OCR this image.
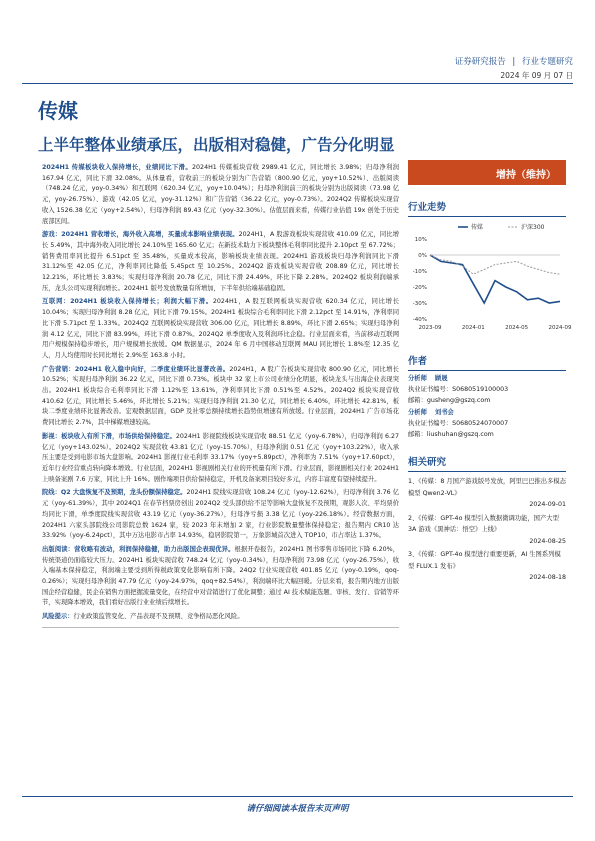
证券研究报告 | 行业专题研究
2024 年 09 月 07 日
传媒
上半年整体业绩承压，出版相对稳健，广告分化明显

2024H1 传媒板块收入保持增长，业绩同比下滑。2024H1 传媒板块营收 2989.41 亿元，同比增长 3.98%；归母净利润 167.94 亿元，同比下滑 32.08%。从体量看，营收前三的板块分别为广告营销（800.90 亿元，yoy+10.52%）、出版阅读（748.24 亿元，yoy-0.34%）和互联网（620.34 亿元，yoy+10.04%）；归母净利润前三的板块分别为出版阅读（73.98 亿元，yoy-26.75%）、游戏（42.05 亿元，yoy-31.12%）和广告营销（36.22 亿元，yoy-0.73%）。2024Q2 传媒板块实现营收入 1526.38 亿元（yoy+2.54%），归母净利润 89.43 亿元（yoy-32.30%）。估值层面来看，传媒行业估值 19x 创处于历史底部区间。

游戏：2024H1 营收增长，海外收入高增，买量成本影响业绩表现。2024H1，A 股游戏板块实现营收 410.09 亿元，同比增长 5.49%，其中海外收入同比增长 24.10%至 165.60 亿元；在新技术助力下板块整体毛利率同比提升 2.10pct 至 67.72%；销售费用率同比提升 6.51pct 至 35.48%，买量成本较高，影响板块业绩表现。2024H1 游戏板块归母净利润同比下滑 31.12%至 42.05 亿元，净利率同比降低 5.45pct 至 10.25%。2024Q2 游戏板块实现营收 208.89 亿元，同比增长 12.21%，环比增长 3.83%；实现归母净利润 20.78 亿元，同比下滑 24.49%，环比下降 2.28%。2024Q2 板块利润端承压，龙头公司实现利润增长。2024H1 版号发放数量有所增加，下半年供给端基础稳固。

互联网：2024H1 板块收入保持增长；利润大幅下滑。2024H1，A 股互联网板块实现营收 620.34 亿元，同比增长 10.04%；实现归母净利润 8.28 亿元，同比下滑 79.15%。2024H1 板块综合毛利率同比下滑 2.12pct 至 14.91%，净利率同比下滑 5.71pct 至 1.33%。2024Q2 互联网板块实现营收 306.00 亿元，同比增长 8.89%，环比下滑 2.65%；实现归母净利润 4.12 亿元，同比下滑 83.99%，环比下滑 0.87%。2024Q2 单季度收入及利润环比企稳。行业层面来看，当前移动互联网用户规模保持稳步增长，用户规模增长放缓。QM 数据显示，2024 年 6 月中国移动互联网 MAU 同比增长 1.8%至 12.35 亿人，月人均使用时长同比增长 2.9%至 163.8 小时。

广告营销：2024H1 收入稳中向好，二季度业绩环比显著改善。2024H1，A 股广告板块实现营收 800.90 亿元，同比增长 10.52%；实现归母净利润 36.22 亿元，同比下滑 0.73%。板块中 32 家上市公司业绩分化明显，板块龙头与出海企业表现突出。2024H1 板块综合毛利率同比下滑 1.12%至 13.61%，净利率同比下滑 0.51%至 4.52%。2024Q2 板块实现营收 410.62 亿元，同比增长 5.46%，环比增长 5.21%；实现归母净利润 21.30 亿元，同比增长 6.40%，环比增长 42.81%，板块二季度业绩环比显著改善。宏观数据层面，GDP 及社零总额持续增长趋势但增速有所放缓。行业层面，2024H1 广告市场花费同比增长 2.7%，其中梯媒增速较高。

影视：板块收入有所下滑，市场供给保持稳定。2024H1 影视院线板块实现营收 88.51 亿元（yoy-6.78%），归母净利润 6.27 亿元（yoy+143.02%）。2024Q2 实现营收 43.81 亿元（yoy-15.70%），归母净利润 0.51 亿元（yoy+103.22%），收入承压主要是受到电影市场大盘影响。2024H1 影视行业毛利率 33.17%（yoy+5.89pct），净利率为 7.51%（yoy+17.60pct），近年行业经营重点转向降本增效。行业层面，2024H1 影视剧相关行业的开机量有所下滑。行业层面，影视剧相关行业 2024H1 上映备案剧 7.6 万家，同比上升 16%。剧作端项目供给保持稳定，开机及备案项目较好多元，内容丰富度有望持续提升。

院线：Q2 大盘恢复不及预期，龙头份额保持稳定。2024H1 院线实现营收 108.24 亿元（yoy-12.62%），归母净利润 3.76 亿元（yoy-61.39%），其中 2024Q1 在春节档票房创出 2024Q2 受头部供给不足等影响大盘恢复不及预期，观影人次、平均票价均同比下滑，单季度院线实现营收 43.19 亿元（yoy-36.27%），归母净亏损 3.38 亿元（yoy-226.18%）。经营数据方面，2024H1 六家头部院线公司影院总数 1624 家，较 2023 年末增加 2 家，行业影院数量整体保持稳定；报告期内 CR10 达 33.92%（yoy-6.24pct），其中万达电影市占率 14.93%，稳居影院第一，万象影城首次进入 TOP10，市占率达 1.37%。

出版阅读：营收略有波动，利润保持稳健，助力出版国企表现优异。根据开卷报告，2024H1 图书零售市场同比下降 6.20%，传统渠道仍面临较大压力。2024H1 板块实现营收 748.24 亿元（yoy-0.34%），归母净利润 73.98 亿元（yoy-26.75%），收入端基本保持稳定，利润端主要受到所得税政策变化影响有所下降。24Q2 行业实现营收 401.85 亿元（yoy-0.19%，qoq-0.26%）；实现归母净利润 47.79 亿元（yoy-24.97%，qoq+82.54%），利润端环比大幅回暖。分层来看，报告期内地方出版国企经营稳健，民企在销售方面把握流量变化，在经营中对营销进行了优化调整；通过 AI 技术赋能选题、审核、发行、营销等环节，实现降本增效，我们看好出版行业业绩后续增长。

风险提示：行业政策监管变化、产品表现不及预期、竞争格局恶化风险。

增持（维持）
行业走势
10%
0%
-10%
-20%
-30%
-40%
2023-09	2024-01	2024-05	2024-09
传媒	沪深300
作者
分析师 顾晟
执业证书编号：S0680519100003
邮箱：gusheng@gszq.com
分析师 刘书会
执业证书编号：S0680524070007
邮箱：liushuhan@gszq.com
相关研究
1、《传媒：8 月国产游戏版号发放，阿里巴巴推出多模态模型 Qwen2-VL》
2024-09-01
2、《传媒：GPT-4o 模型引入数据微调功能，国产大型 3A 游戏《黑神话：悟空》上线》
2024-08-25
3、《传媒：GPT-4o 模型进行重要更新，AI 生图系列模型 FLUX.1 发布》
2024-08-18
请仔细阅读本报告末页声明
